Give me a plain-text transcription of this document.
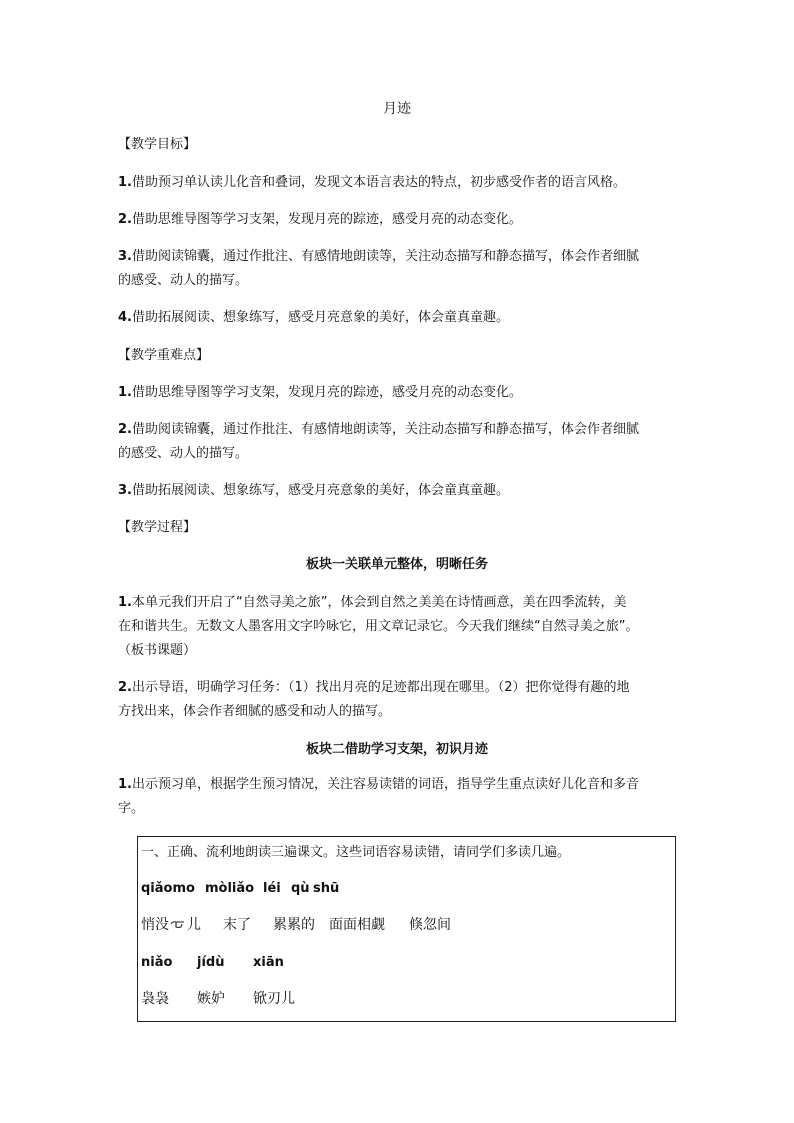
月迹
【教学目标】
1.借助预习单认读儿化音和叠词，发现文本语言表达的特点，初步感受作者的语言风格。
2.借助思维导图等学习支架，发现月亮的踪迹，感受月亮的动态变化。
3.借助阅读锦囊，通过作批注、有感情地朗读等，关注动态描写和静态描写，体会作者细腻
的感受、动人的描写。
4.借助拓展阅读、想象练写，感受月亮意象的美好，体会童真童趣。
【教学重难点】
1.借助思维导图等学习支架，发现月亮的踪迹，感受月亮的动态变化。
2.借助阅读锦囊，通过作批注、有感情地朗读等，关注动态描写和静态描写，体会作者细腻
的感受、动人的描写。
3.借助拓展阅读、想象练写，感受月亮意象的美好，体会童真童趣。
【教学过程】
板块一关联单元整体，明晰任务
1.本单元我们开启了“自然寻美之旅”，体会到自然之美美在诗情画意，美在四季流转，美
在和谐共生。无数文人墨客用文字吟咏它，用文章记录它。今天我们继续“自然寻美之旅”。
（板书课题）
2.出示导语，明确学习任务：（1）找出月亮的足迹都出现在哪里。（2）把你觉得有趣的地
方找出来，体会作者细腻的感受和动人的描写。
板块二借助学习支架，初识月迹
1.出示预习单，根据学生预习情况，关注容易读错的词语，指导学生重点读好儿化音和多音
字。
一、正确、流利地朗读三遍课文。这些词语容易读错，请同学们多读几遍。
qiǎomo mòliǎo léi qù shū
悄没 儿 末了 累累的 面面相觑 倏忽间
niǎo jídù xiān
袅袅 嫉妒 锨刃儿
